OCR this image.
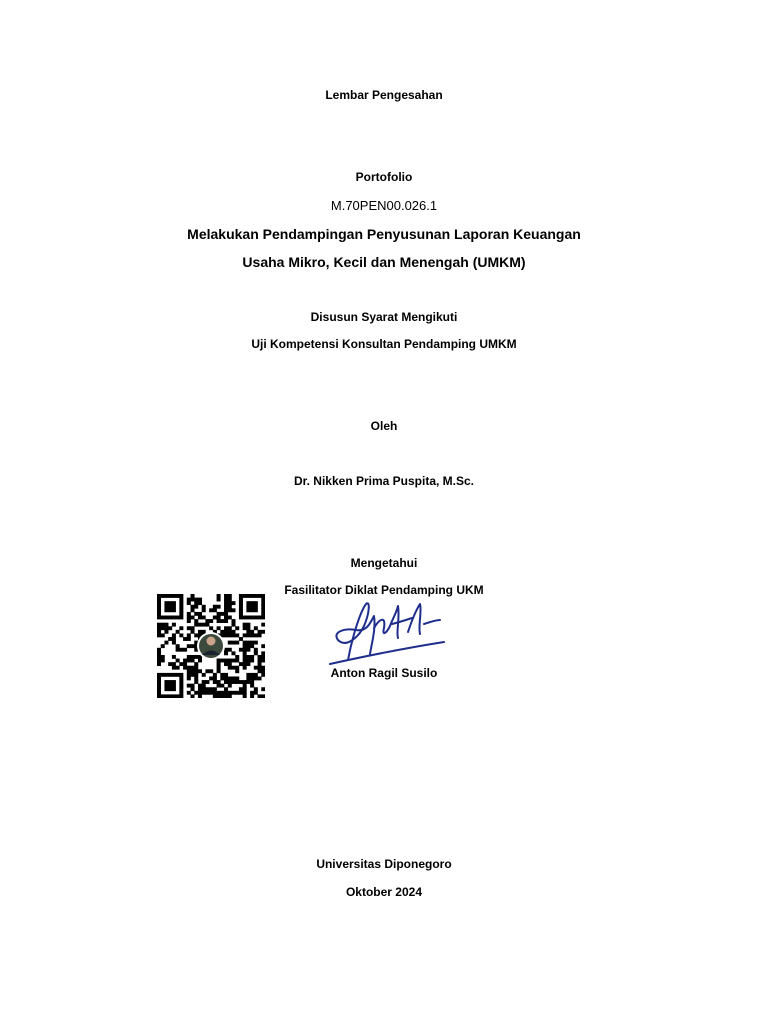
Lembar Pengesahan
Portofolio
M.70PEN00.026.1
Melakukan Pendampingan Penyusunan Laporan Keuangan
Usaha Mikro, Kecil dan Menengah (UMKM)
Disusun Syarat Mengikuti
Uji Kompetensi Konsultan Pendamping UMKM
Oleh
Dr. Nikken Prima Puspita, M.Sc.
Mengetahui
Fasilitator Diklat Pendamping UKM
Anton Ragil Susilo
Universitas Diponegoro
Oktober 2024
